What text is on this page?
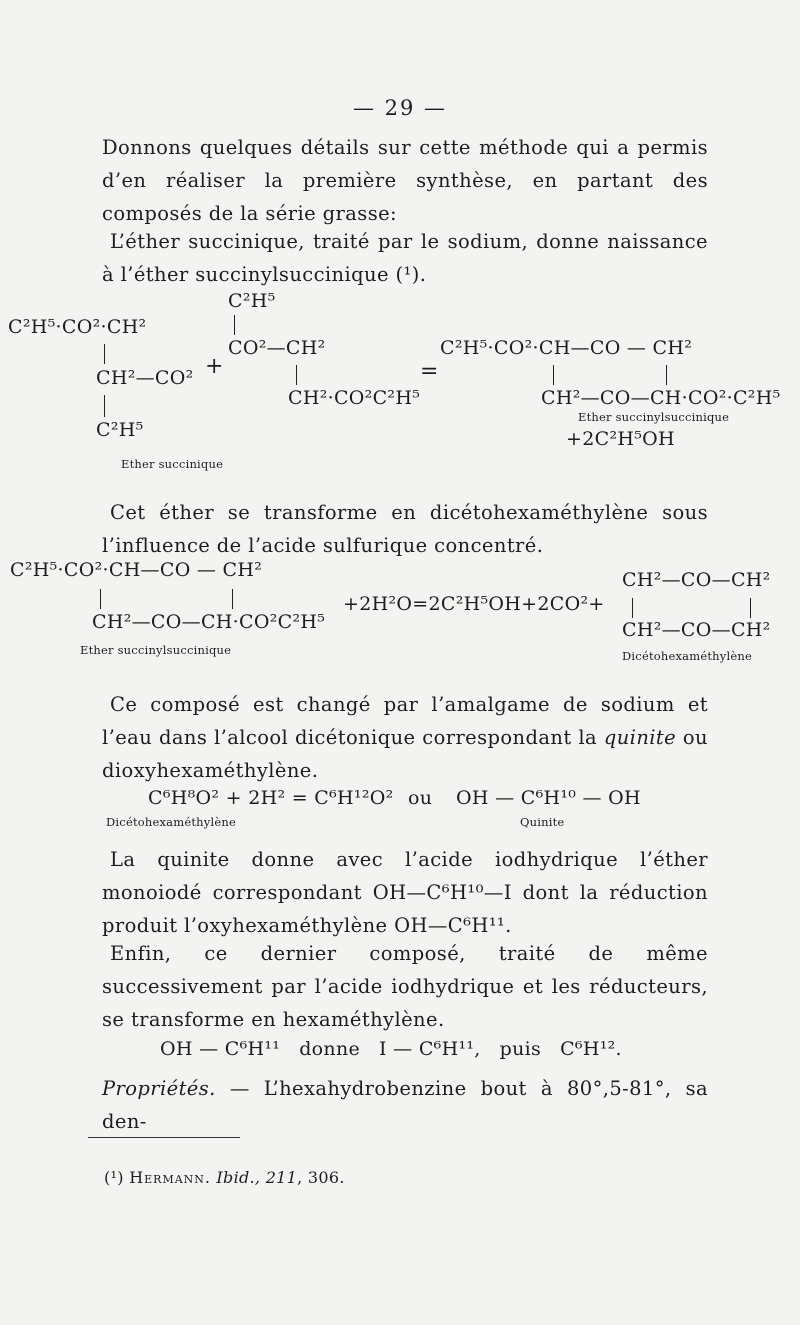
— 29 —
Donnons quelques détails sur cette méthode qui a permis d’en réaliser la première synthèse, en partant des composés de la série grasse:
L’éther succinique, traité par le sodium, donne naissance à l’éther succinylsuccinique (¹).
C²H⁵·CO²·CH²
CH²—CO²
C²H⁵
Ether succinique
+
C²H⁵
CO²—CH²
CH²·CO²C²H⁵
=
C²H⁵·CO²·CH—CO — CH²
CH²—CO—CH·CO²·C²H⁵
Ether succinylsuccinique
+2C²H⁵OH
Cet éther se transforme en dicétohexaméthylène sous l’influence de l’acide sulfurique concentré.
C²H⁵·CO²·CH—CO — CH²
CH²—CO—CH·CO²C²H⁵
Ether succinylsuccinique
+2H²O=2C²H⁵OH+2CO²+
CH²—CO—CH²
CH²—CO—CH²
Dicétohexaméthylène
Ce composé est changé par l’amalgame de sodium et l’eau dans l’alcool dicétonique correspondant la quinite ou dioxyhexaméthylène.
C⁶H⁸O² + 2H² = C⁶H¹²O²
Dicétohexaméthylène
ou OH — C⁶H¹⁰ — OH
Quinite
La quinite donne avec l’acide iodhydrique l’éther monoiodé correspondant OH—C⁶H¹⁰—I dont la réduction produit l’oxyhexaméthylène OH—C⁶H¹¹.
Enfin, ce dernier composé, traité de même successivement par l’acide iodhydrique et les réducteurs, se transforme en hexaméthylène.
OH — C⁶H¹¹   donne   I — C⁶H¹¹,   puis   C⁶H¹².
Propriétés. — L’hexahydrobenzine bout à 80°,5-81°, sa den-
(¹) Hermann. Ibid., 211, 306.
